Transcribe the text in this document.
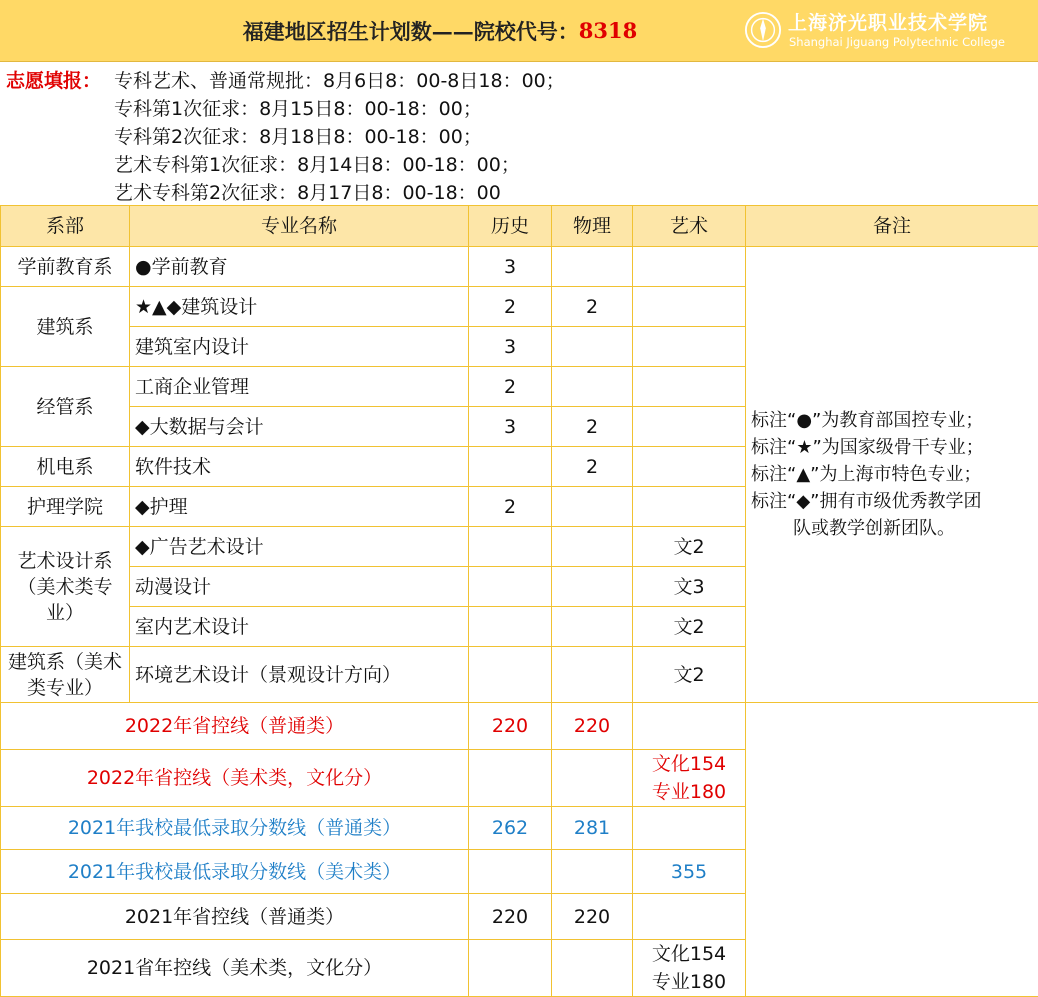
福建地区招生计划数——院校代号： 8318	上海济光职业技术学院
Shanghai Jiguang Polytechnic College
志愿填报： 专科艺术、普通常规批：8月6日8：00-8日18：00；
专科第1次征求：8月15日8：00-18：00；
专科第2次征求：8月18日8：00-18：00；
艺术专科第1次征求：8月14日8：00-18：00；
艺术专科第2次征求：8月17日8：00-18：00
系部	专业名称	历史	物理	艺术	备注
学前教育系	●学前教育	3			标注“●”为教育部国控专业；
标注“★”为国家级骨干专业；
标注“▲”为上海市特色专业；
标注“◆”拥有市级优秀教学团
队或教学创新团队。

建筑系	★▲◆建筑设计	2	2		
	建筑室内设计	3			
经管系	工商企业管理	2			
	◆大数据与会计	3	2		
机电系	软件技术		2		
护理学院	◆护理	2			
艺术设计系（美术类专业）	◆广告艺术设计			文2	
	动漫设计			文3	
	室内艺术设计			文2	
建筑系（美术类专业）	环境艺术设计（景观设计方向）			文2	
2022年省控线（普通类）		220	220	

2022年省控线（美术类，文化分）				文化154
专业180	

2021年我校最低录取分数线（普通类）		262	281		

2021年我校最低录取分数线（美术类）				355	

2021年省控线（普通类）		220	220		

2021省年控线（美术类，文化分）				文化154
专业180	
